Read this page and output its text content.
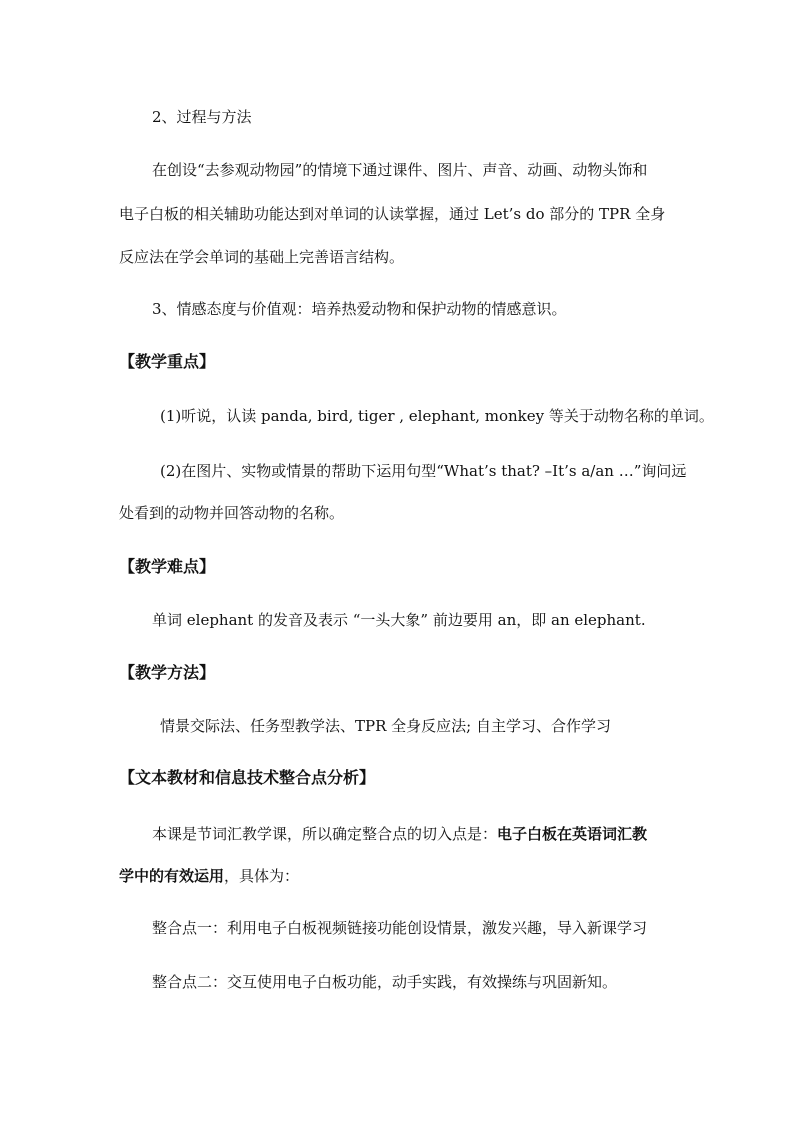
2、过程与方法
在创设“去参观动物园”的情境下通过课件、图片、声音、动画、动物头饰和
电子白板的相关辅助功能达到对单词的认读掌握，通过 Let’s do 部分的 TPR 全身
反应法在学会单词的基础上完善语言结构。
3、情感态度与价值观：培养热爱动物和保护动物的情感意识。
【教学重点】
(1)听说，认读 panda, bird, tiger , elephant, monkey 等关于动物名称的单词。
(2)在图片、实物或情景的帮助下运用句型“What’s that? –It’s a/an …”询问远
处看到的动物并回答动物的名称。
【教学难点】
单词 elephant 的发音及表示 “一头大象” 前边要用 an，即 an elephant.
【教学方法】
情景交际法、任务型教学法、TPR 全身反应法; 自主学习、合作学习
【文本教材和信息技术整合点分析】
本课是节词汇教学课，所以确定整合点的切入点是：电子白板在英语词汇教
学中的有效运用，具体为：
整合点一：利用电子白板视频链接功能创设情景，激发兴趣，导入新课学习
整合点二：交互使用电子白板功能，动手实践，有效操练与巩固新知。
